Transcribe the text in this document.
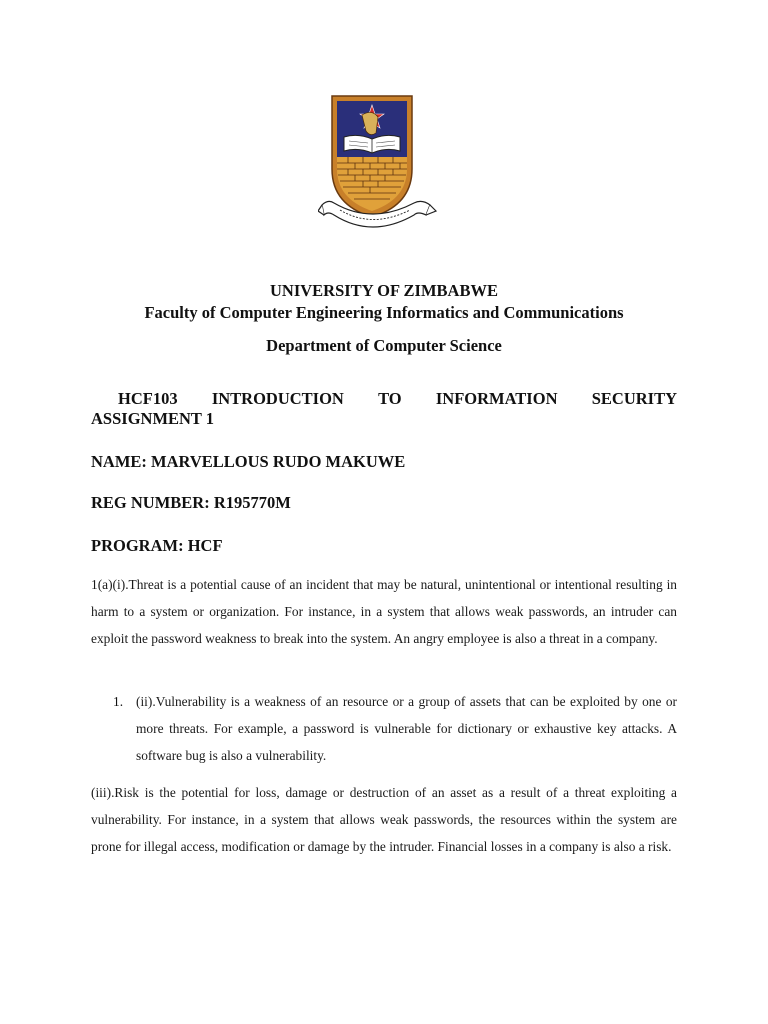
UNIVERSITY OF ZIMBABWE
Faculty of Computer Engineering Informatics and Communications
Department of Computer Science
HCF103 INTRODUCTION TO INFORMATION SECURITY
ASSIGNMENT 1
NAME: MARVELLOUS RUDO MAKUWE
REG NUMBER: R195770M
PROGRAM: HCF
1(a)(i).Threat is a potential cause of an incident that may be natural, unintentional or intentional resulting in harm to a system or organization. For instance, in a system that allows weak passwords, an intruder can exploit the password weakness to break into the system. An angry employee is also a threat in a company.
1. (ii).Vulnerability is a weakness of an resource or a group of assets that can be exploited by one or more threats. For example, a password is vulnerable for dictionary or exhaustive key attacks. A software bug is also a vulnerability.
(iii).Risk is the potential for loss, damage or destruction of an asset as a result of a threat exploiting a vulnerability. For instance, in a system that allows weak passwords, the resources within the system are prone for illegal access, modification or damage by the intruder. Financial losses in a company is also a risk.
